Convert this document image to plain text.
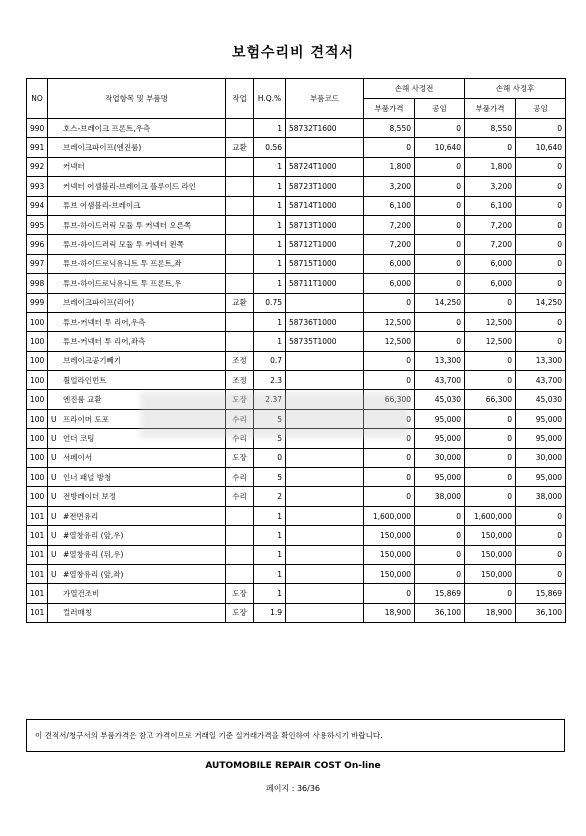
보험수리비 견적서
NO	작업항목 및 부품명	작업	H.Q.%	부품코드	손해 사정전		손해 사정후	
					부품가격	공임	부품가격	공임
990	호스-브레이크 프론트,우측		1	58732T1600	8,550	0	8,550	0
991	브레이크파이프(엔진룸)	교환	0.56		0	10,640	0	10,640
992	커넥터		1	58724T1000	1,800	0	1,800	0
993	커넥터 어셈블리-브레이크 플루이드 라인		1	58723T1000	3,200	0	3,200	0
994	튜브 어셈블리-브레이크		1	58714T1000	6,100	0	6,100	0
995	튜브-하이드러릭 모듈 투 커넥터 오른쪽		1	58713T1000	7,200	0	7,200	0
996	튜브-하이드러릭 모듈 투 커넥터 왼쪽		1	58712T1000	7,200	0	7,200	0
997	튜브-하이드로닉유니트 투 프론트,좌		1	58715T1000	6,000	0	6,000	0
998	튜브-하이드로닉유니트 투 프론트,우		1	58711T1000	6,000	0	6,000	0
999	브레이크파이프(리어)	교환	0.75		0	14,250	0	14,250
100	튜브-커넥터 투 리어,우측		1	58736T1000	12,500	0	12,500	0
100	튜브-커넥터 투 리어,좌측		1	58735T1000	12,500	0	12,500	0
100	브레이크공기빼기	조정	0.7		0	13,300	0	13,300
100	휠얼라인먼트	조정	2.3		0	43,700	0	43,700
100	엔진룸 교환	도장	2.37		66,300	45,030	66,300	45,030
100	U 프라이머 도포	수리	5		0	95,000	0	95,000
100	U 언더 코팅	수리	5		0	95,000	0	95,000
100	U 서페이서	도장	0		0	30,000	0	30,000
100	U 인너 패널 방청	수리	5		0	95,000	0	95,000
100	U 전방레이더 보정	수리	2		0	38,000	0	38,000
101	U #전면유리		1		1,600,000	0	1,600,000	0
101	U #열창유리 (앞,우)		1		150,000	0	150,000	0
101	U #열창유리 (뒤,우)		1		150,000	0	150,000	0
101	U #열창유리 (앞,좌)		1		150,000	0	150,000	0
101	가열건조비	도장	1		0	15,869	0	15,869
101	컬러매칭	도장	1.9		18,900	36,100	18,900	36,100
이 견적서/청구서의 부품가격은 참고 가격이므로 거래일 기준 실거래가격을 확인하여 사용하시기 바랍니다.
AUTOMOBILE REPAIR COST On-line
페이지 : 36/36
